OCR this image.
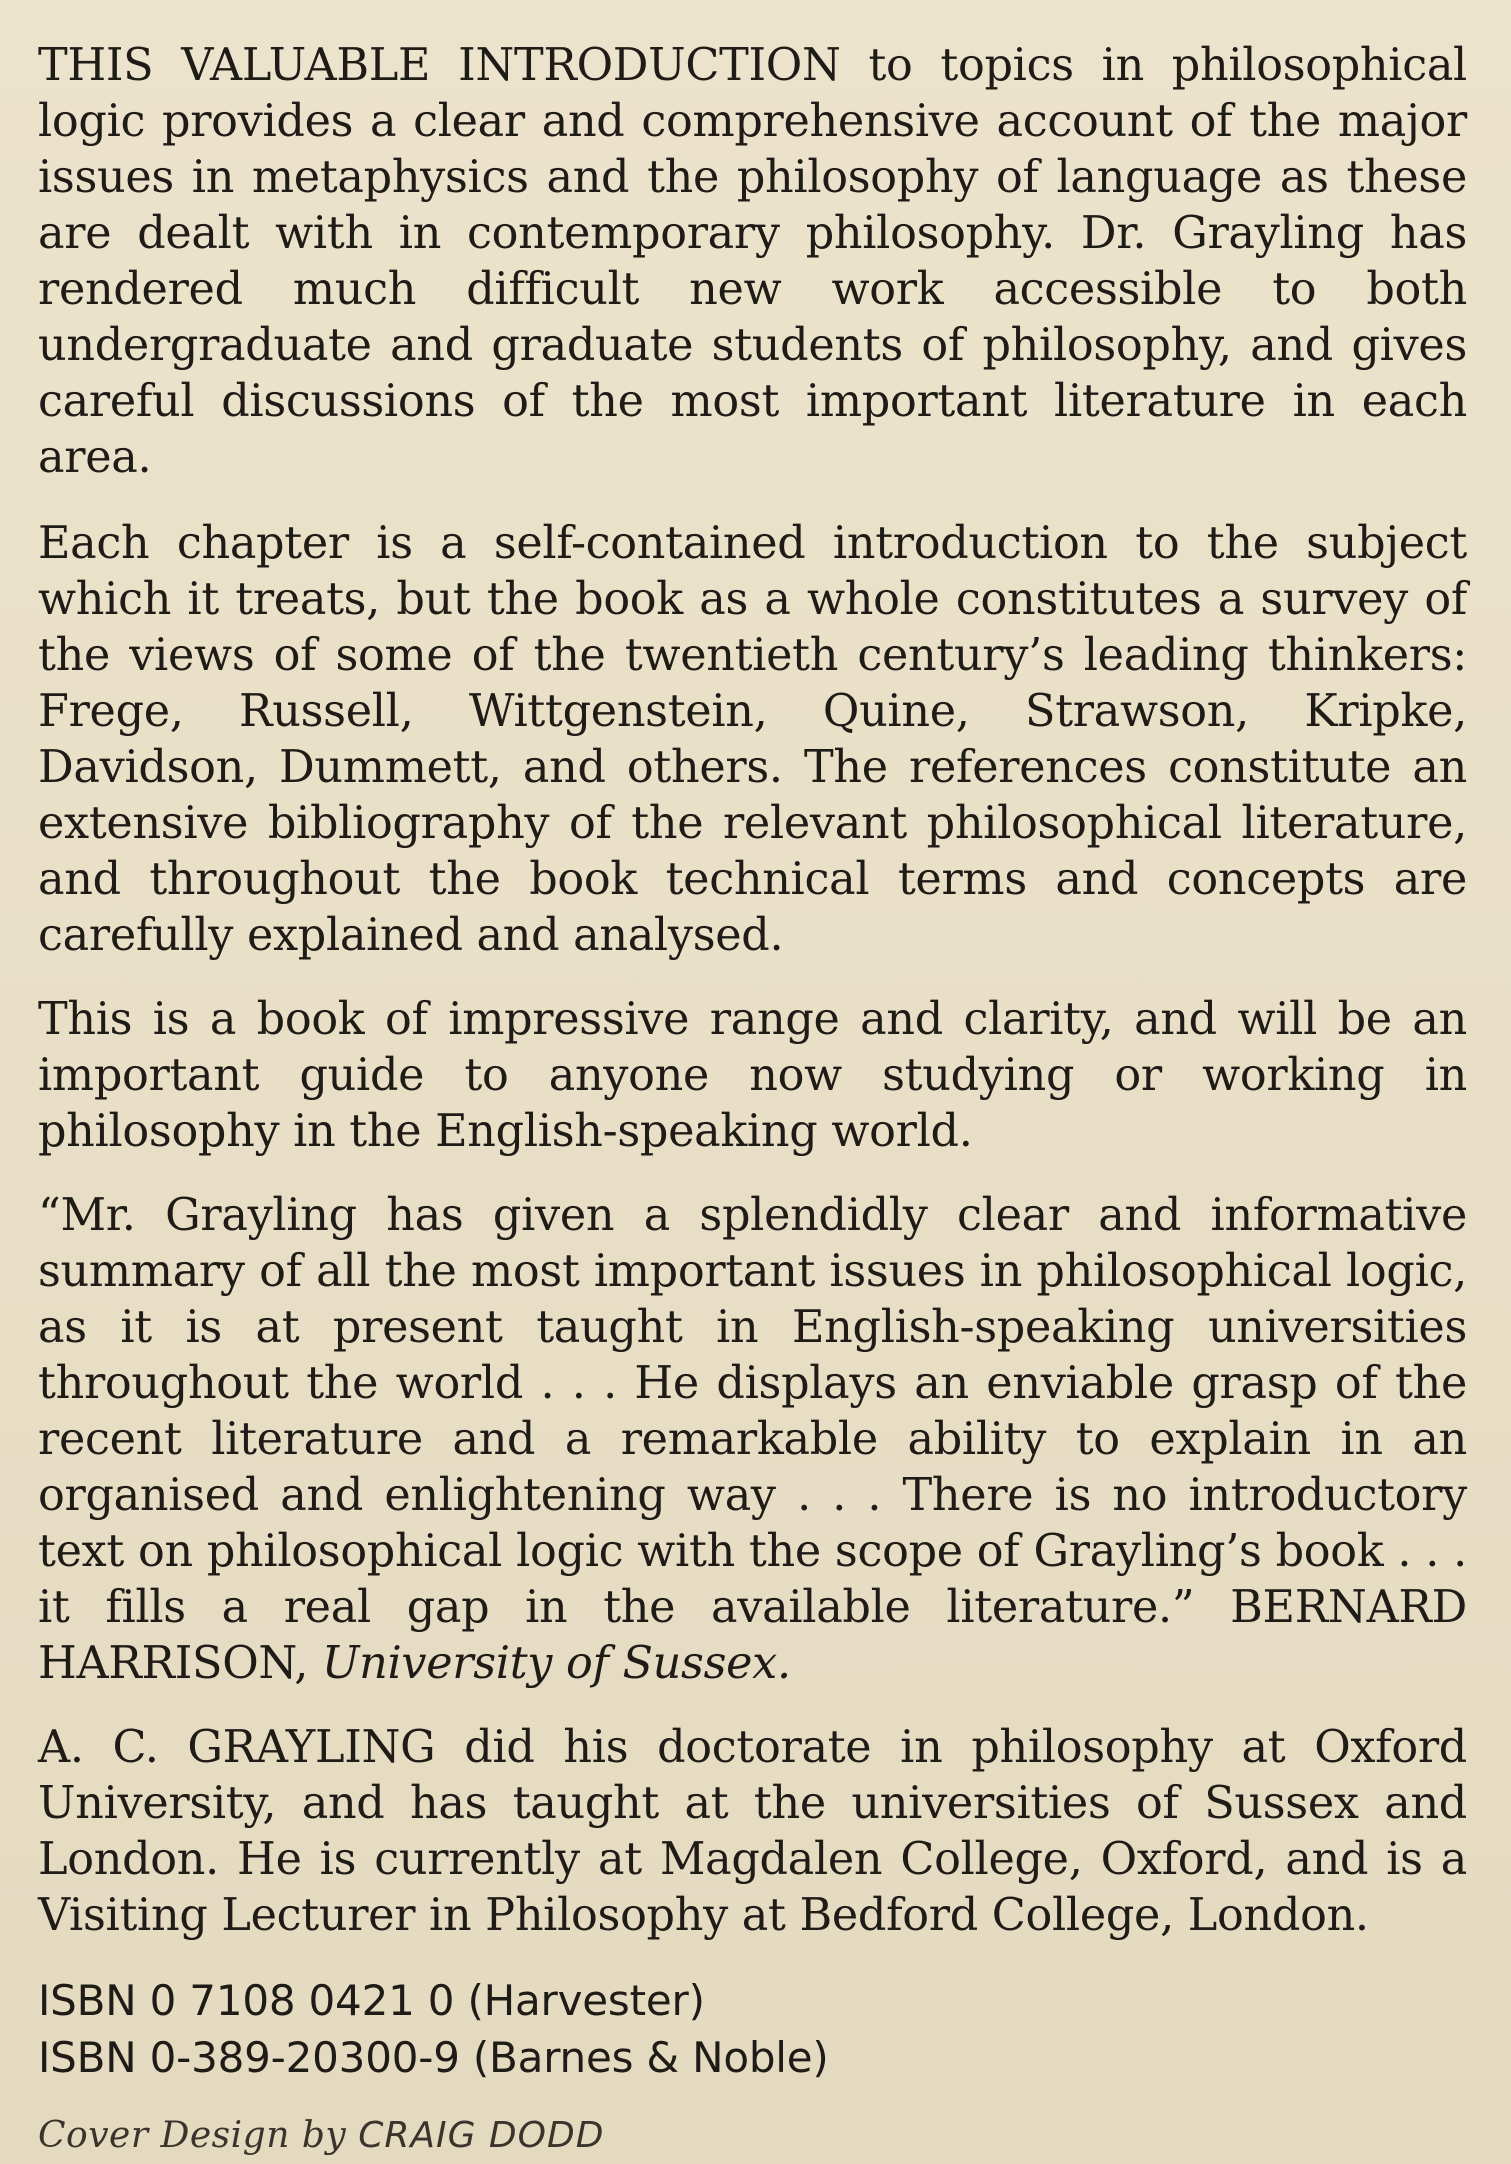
THIS VALUABLE INTRODUCTION to topics in philosophical logic provides a clear and comprehensive account of the major issues in metaphysics and the philosophy of language as these are dealt with in contemporary philosophy. Dr. Grayling has rendered much difficult new work accessible to both undergraduate and graduate students of philosophy, and gives careful discussions of the most important literature in each area.

Each chapter is a self-contained introduction to the subject which it treats, but the book as a whole constitutes a survey of the views of some of the twentieth century’s leading thinkers: Frege, Russell, Wittgenstein, Quine, Strawson, Kripke, Davidson, Dummett, and others. The references constitute an extensive bibliography of the relevant philosophical literature, and throughout the book technical terms and concepts are carefully explained and analysed.

This is a book of impressive range and clarity, and will be an important guide to anyone now studying or working in philosophy in the English-speaking world.

“Mr. Grayling has given a splendidly clear and informative summary of all the most important issues in philosophical logic, as it is at present taught in English-speaking universities throughout the world . . . He displays an enviable grasp of the recent literature and a remarkable ability to explain in an organised and enlightening way . . . There is no introductory text on philosophical logic with the scope of Grayling’s book . . . it fills a real gap in the available literature.” BERNARD HARRISON, University of Sussex.

A. C. GRAYLING did his doctorate in philosophy at Oxford University, and has taught at the universities of Sussex and London. He is currently at Magdalen College, Oxford, and is a Visiting Lecturer in Philosophy at Bedford College, London.

ISBN 0 7108 0421 0 (Harvester)

ISBN 0-389-20300-9 (Barnes & Noble)

Cover Design by CRAIG DODD
